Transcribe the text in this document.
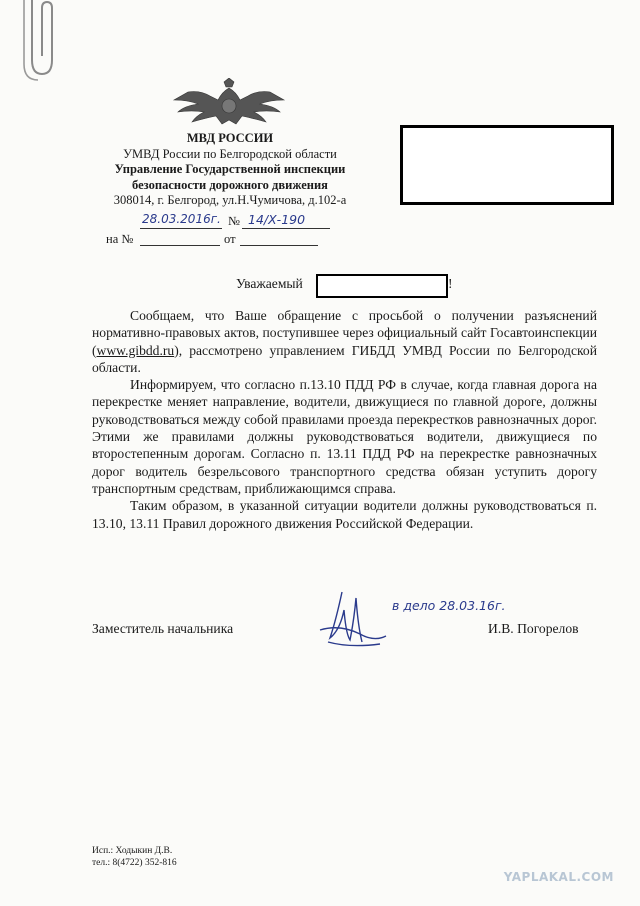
МВД РОССИИ
УМВД России по Белгородской области
Управление Государственной инспекции
безопасности дорожного движения
308014, г. Белгород, ул.Н.Чумичова, д.102-а
28.03.2016г. № 14/Х-190
на №	от
Уважаемый	!

Сообщаем, что Ваше обращение с просьбой о получении разъяснений нормативно-правовых актов, поступившее через официальный сайт Госавтоинспекции (www.gibdd.ru), рассмотрено управлением ГИБДД УМВД России по Белгородской области.

Информируем, что согласно п.13.10 ПДД РФ в случае, когда главная дорога на перекрестке меняет направление, водители, движущиеся по главной дороге, должны руководствоваться между собой правилами проезда перекрестков равнозначных дорог. Этими же правилами должны руководствоваться водители, движущиеся по второстепенным дорогам. Согласно п. 13.11 ПДД РФ на перекрестке равнозначных дорог водитель безрельсового транспортного средства обязан уступить дорогу транспортным средствам, приближающимся справа.

Таким образом, в указанной ситуации водители должны руководствоваться п. 13.10, 13.11 Правил дорожного движения Российской Федерации.

Заместитель начальника	И.В. Погорелов
в дело 28.03.16г.
Исп.: Ходыкин Д.В.
тел.: 8(4722) 352-816
YAPLAKAL.COM
